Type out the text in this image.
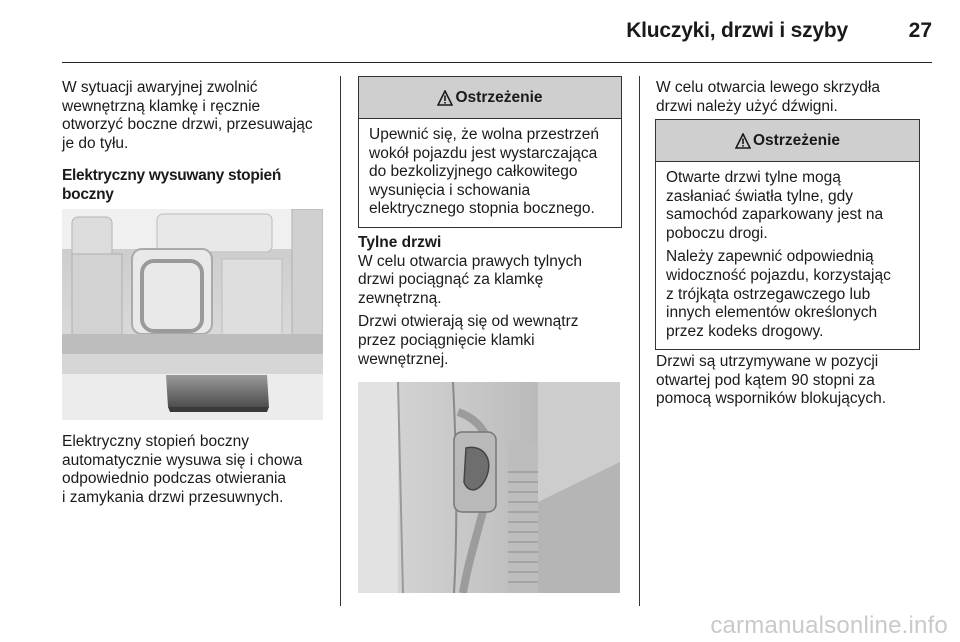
Kluczyki, drzwi i szyby	27

W sytuacji awaryjnej zwolnić

wewnętrzną klamkę i ręcznie

otworzyć boczne drzwi, przesuwając

je do tyłu.

Elektryczny wysuwany stopień

boczny

Elektryczny stopień boczny

automatycznie wysuwa się i chowa

odpowiednio podczas otwierania

i zamykania drzwi przesuwnych.

Ostrzeżenie

Upewnić się, że wolna przestrzeń

wokół pojazdu jest wystarczająca

do bezkolizyjnego całkowitego

wysunięcia i schowania

elektrycznego stopnia bocznego.

Tylne drzwi

W celu otwarcia prawych tylnych

drzwi pociągnąć za klamkę

zewnętrzną.

Drzwi otwierają się od wewnątrz

przez pociągnięcie klamki

wewnętrznej.

W celu otwarcia lewego skrzydła

drzwi należy użyć dźwigni.

Ostrzeżenie

Otwarte drzwi tylne mogą

zasłaniać światła tylne, gdy

samochód zaparkowany jest na

poboczu drogi.

Należy zapewnić odpowiednią

widoczność pojazdu, korzystając

z trójkąta ostrzegawczego lub

innych elementów określonych

przez kodeks drogowy.

Drzwi są utrzymywane w pozycji

otwartej pod kątem 90 stopni za

pomocą wsporników blokujących.

carmanualsonline.info
